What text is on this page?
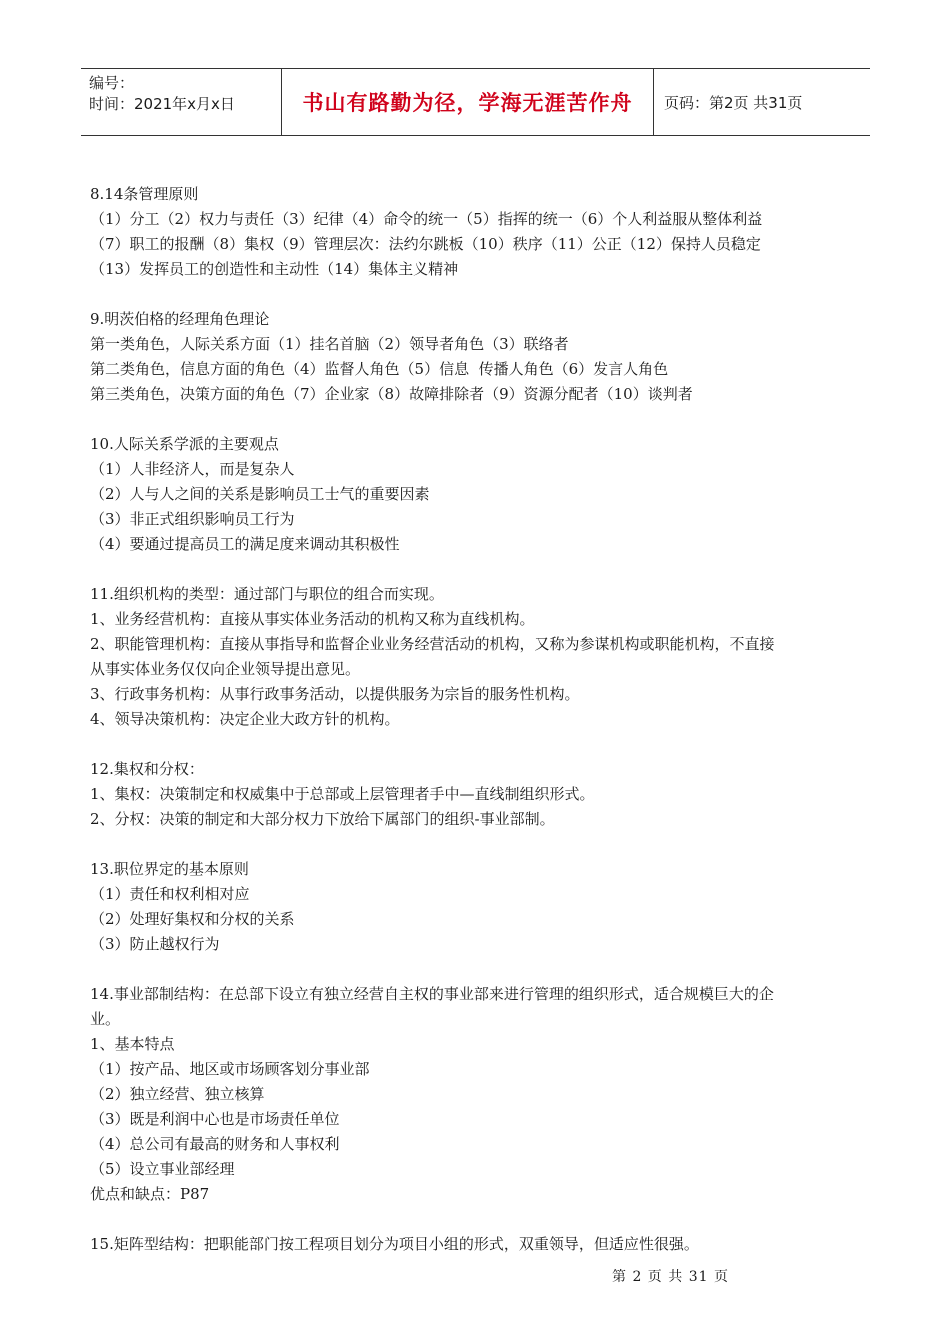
编号：
时间：2021年x月x日	书山有路勤为径，学海无涯苦作舟	页码：第2页 共31页

8.14条管理原则

（1）分工（2）权力与责任（3）纪律（4）命令的统一（5）指挥的统一（6）个人利益服从整体利益

（7）职工的报酬（8）集权（9）管理层次：法约尔跳板（10）秩序（11）公正（12）保持人员稳定

（13）发挥员工的创造性和主动性（14）集体主义精神

9.明茨伯格的经理角色理论

第一类角色，人际关系方面（1）挂名首脑（2）领导者角色（3）联络者

第二类角色，信息方面的角色（4）监督人角色（5）信息  传播人角色（6）发言人角色

第三类角色，决策方面的角色（7）企业家（8）故障排除者（9）资源分配者（10）谈判者

10.人际关系学派的主要观点

（1）人非经济人，而是复杂人

（2）人与人之间的关系是影响员工士气的重要因素

（3）非正式组织影响员工行为

（4）要通过提高员工的满足度来调动其积极性

11.组织机构的类型：通过部门与职位的组合而实现。

1、业务经营机构：直接从事实体业务活动的机构又称为直线机构。

2、职能管理机构：直接从事指导和监督企业业务经营活动的机构，又称为参谋机构或职能机构，不直接

从事实体业务仅仅向企业领导提出意见。

3、行政事务机构：从事行政事务活动，以提供服务为宗旨的服务性机构。

4、领导决策机构：决定企业大政方针的机构。

12.集权和分权：

1、集权：决策制定和权威集中于总部或上层管理者手中—直线制组织形式。

2、分权：决策的制定和大部分权力下放给下属部门的组织-事业部制。

13.职位界定的基本原则

（1）责任和权利相对应

（2）处理好集权和分权的关系

（3）防止越权行为

14.事业部制结构：在总部下设立有独立经营自主权的事业部来进行管理的组织形式，适合规模巨大的企

业。

1、基本特点

（1）按产品、地区或市场顾客划分事业部

（2）独立经营、独立核算

（3）既是利润中心也是市场责任单位

（4）总公司有最高的财务和人事权利

（5）设立事业部经理

优点和缺点：P87

15.矩阵型结构：把职能部门按工程项目划分为项目小组的形式，双重领导，但适应性很强。

第 2 页 共 31 页
